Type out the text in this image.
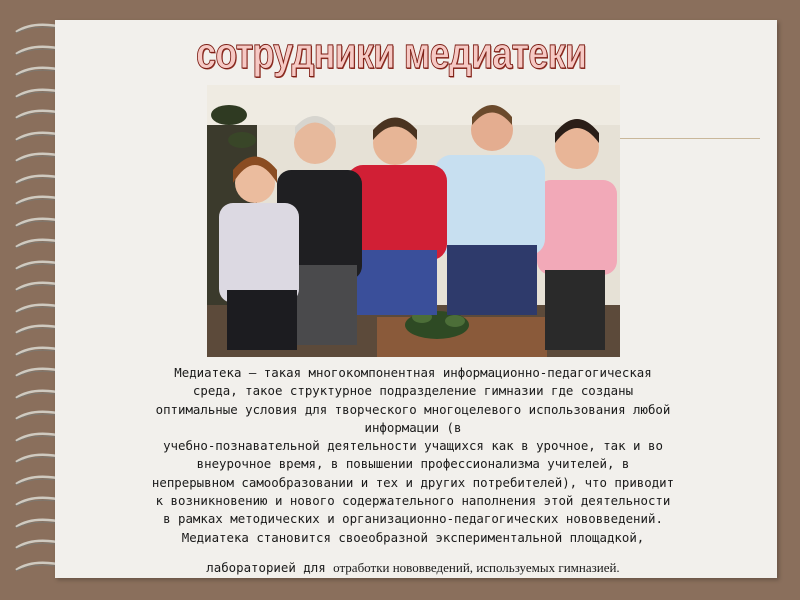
сотрудники медиатеки
Медиатека – такая многокомпонентная информационно-педагогическая
среда, такое структурное подразделение гимназии где созданы
оптимальные условия для творческого многоцелевого использования любой
информации (в
учебно-познавательной деятельности учащихся как в урочное, так и во
внеурочное время, в повышении профессионализма учителей, в
непрерывном самообразовании и тех и других потребителей), что приводит
к возникновению и нового содержательного наполнения этой деятельности
в рамках методических и организационно-педагогических нововведений.
Медиатека становится своеобразной экспериментальной площадкой,
лабораторией для отработки нововведений, используемых гимназией.
